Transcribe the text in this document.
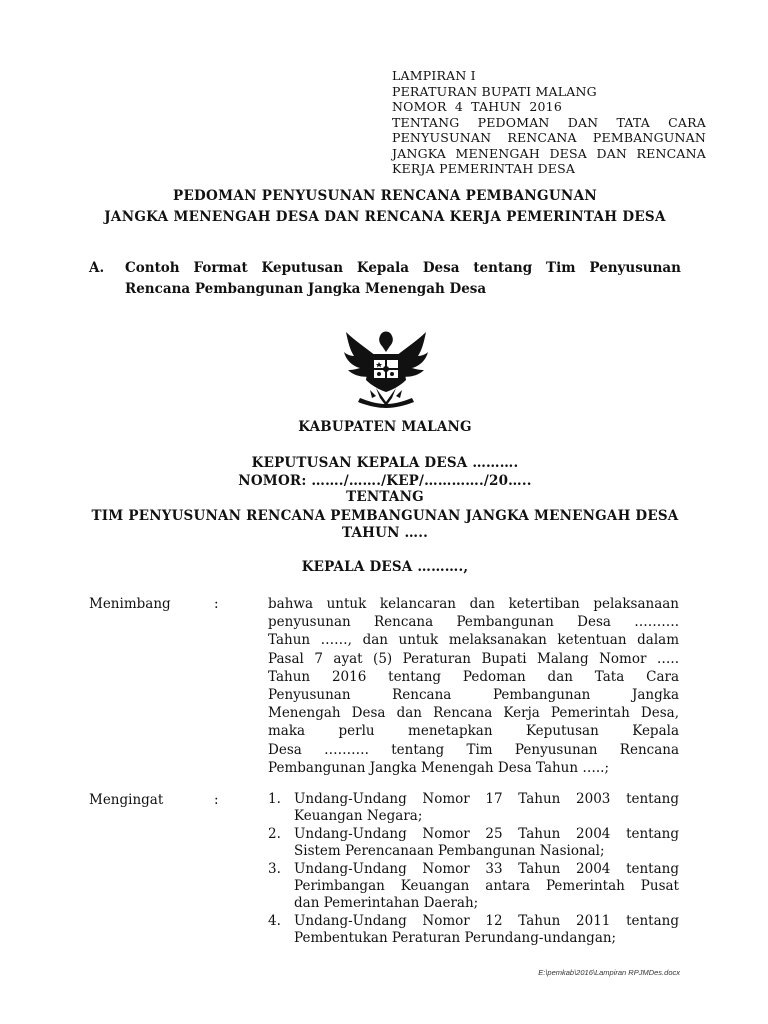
LAMPIRAN I
PERATURAN BUPATI MALANG
NOMOR 4 TAHUN 2016
TENTANG PEDOMAN DAN TATA CARA
PENYUSUNAN RENCANA PEMBANGUNAN
JANGKA MENENGAH DESA DAN RENCANA
KERJA PEMERINTAH DESA
PEDOMAN PENYUSUNAN RENCANA PEMBANGUNAN
JANGKA MENENGAH DESA DAN RENCANA KERJA PEMERINTAH DESA
A. Contoh Format Keputusan Kepala Desa tentang Tim Penyusunan
Rencana Pembangunan Jangka Menengah Desa
KABUPATEN MALANG
KEPUTUSAN KEPALA DESA ……….
NOMOR: ……./……./KEP/…………./20…..
TENTANG
TIM PENYUSUNAN RENCANA PEMBANGUNAN JANGKA MENENGAH DESA
TAHUN …..
KEPALA DESA ……….,
Menimbang	:	bahwa untuk kelancaran dan ketertiban pelaksanaan
penyusunan Rencana Pembangunan Desa ……….
Tahun ……, dan untuk melaksanakan ketentuan dalam
Pasal 7 ayat (5) Peraturan Bupati Malang Nomor …..
Tahun 2016 tentang Pedoman dan Tata Cara
Penyusunan Rencana Pembangunan Jangka
Menengah Desa dan Rencana Kerja Pemerintah Desa,
maka perlu menetapkan Keputusan Kepala
Desa ………. tentang Tim Penyusunan Rencana
Pembangunan Jangka Menengah Desa Tahun …..;
Mengingat	:	1. Undang-Undang Nomor 17 Tahun 2003 tentang
Keuangan Negara;
2. Undang-Undang Nomor 25 Tahun 2004 tentang
Sistem Perencanaan Pembangunan Nasional;
3. Undang-Undang Nomor 33 Tahun 2004 tentang
Perimbangan Keuangan antara Pemerintah Pusat
dan Pemerintahan Daerah;
4. Undang-Undang Nomor 12 Tahun 2011 tentang
Pembentukan Peraturan Perundang-undangan;
E:\pemkab\2016\Lampiran RPJMDes.docx
